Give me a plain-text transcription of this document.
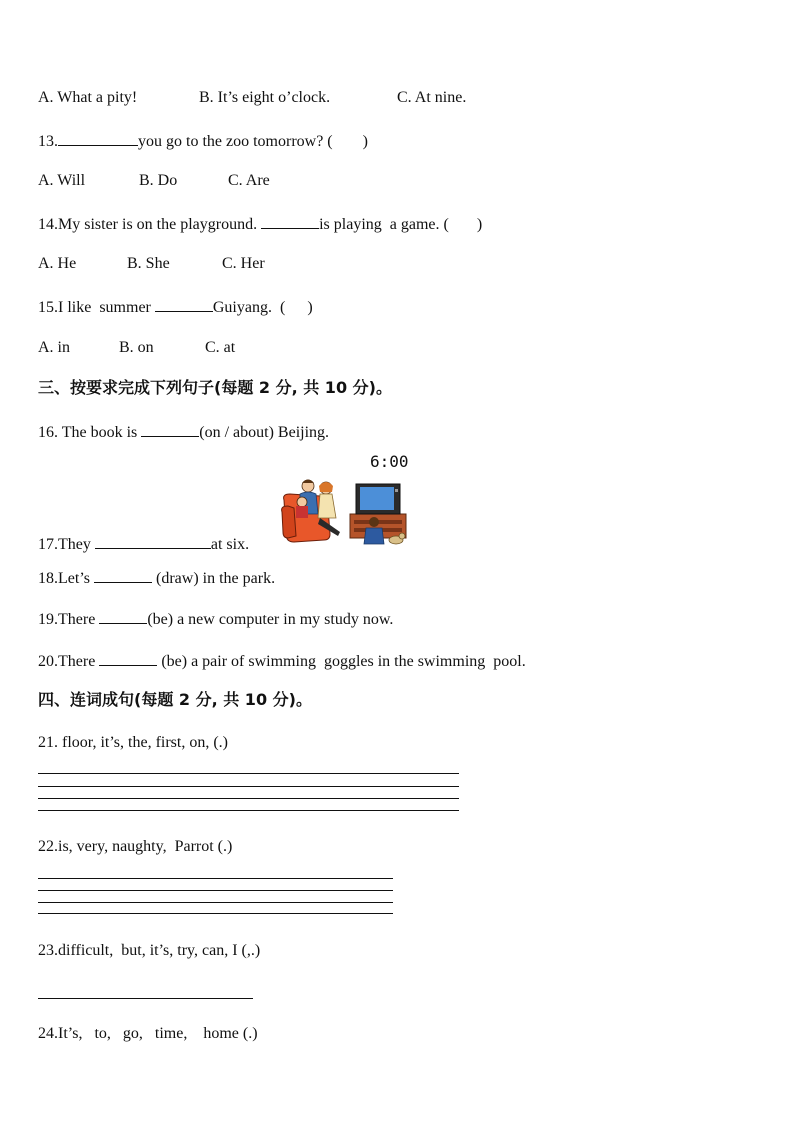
A. What a pity!	B. It’s eight o’clock.	C. At nine.
13.	you go to the zoo tomorrow? ( )
A. Will	B. Do	C. Are
14.My sister is on the playground.	is playing  a game. ( )
A. He	B. She	C. Her
15.I like  summer	Guiyang.  ( )
A. in	B. on	C. at
三、按要求完成下列句子(每题 2 分, 共 10 分)。
16. The book is	(on / about) Beijing.
6:00
17.They	at six.
18.Let’s	(draw) in the park.
19.There	(be) a new computer in my study now.
20.There	(be) a pair of swimming  goggles in the swimming  pool.
四、连词成句(每题 2 分, 共 10 分)。
21. floor, it’s, the, first, on, (.)
22.is, very, naughty,  Parrot (.)
23.difficult,  but, it’s, try, can, I (,.)
24.It’s,   to,   go,   time,    home (.)
